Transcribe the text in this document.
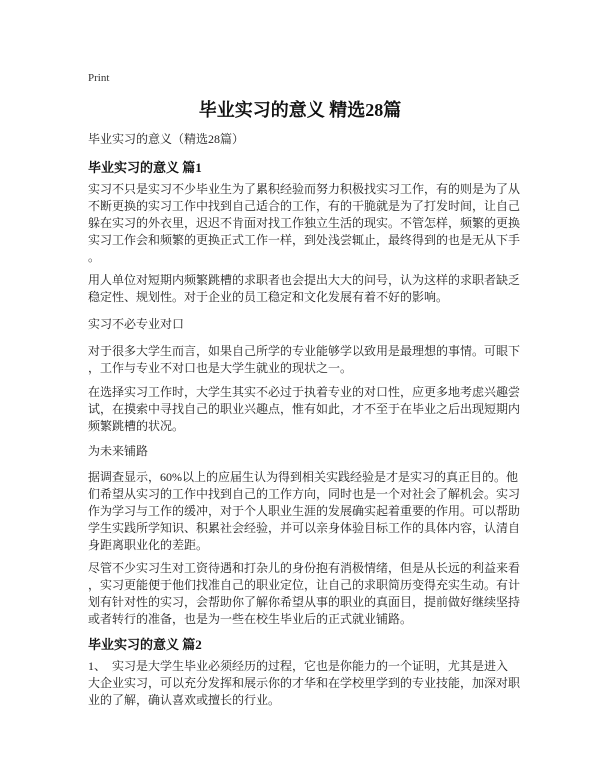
Print
毕业实习的意义 精选28篇
毕业实习的意义（精选28篇）
毕业实习的意义 篇1
实习不只是实习不少毕业生为了累积经验而努力积极找实习工作，有的则是为了从
不断更换的实习工作中找到自己适合的工作，有的干脆就是为了打发时间，让自己
躲在实习的外衣里，迟迟不肯面对找工作独立生活的现实。不管怎样，频繁的更换
实习工作会和频繁的更换正式工作一样，到处浅尝辄止，最终得到的也是无从下手
。
用人单位对短期内频繁跳槽的求职者也会提出大大的问号，认为这样的求职者缺乏
稳定性、规划性。对于企业的员工稳定和文化发展有着不好的影响。
实习不必专业对口
对于很多大学生而言，如果自己所学的专业能够学以致用是最理想的事情。可眼下
，工作与专业不对口也是大学生就业的现状之一。
在选择实习工作时，大学生其实不必过于执着专业的对口性，应更多地考虑兴趣尝
试，在摸索中寻找自己的职业兴趣点，惟有如此，才不至于在毕业之后出现短期内
频繁跳槽的状况。
为未来铺路
据调查显示，60%以上的应届生认为得到相关实践经验是才是实习的真正目的。他
们希望从实习的工作中找到自己的工作方向，同时也是一个对社会了解机会。实习
作为学习与工作的缓冲，对于个人职业生涯的发展确实起着重要的作用。可以帮助
学生实践所学知识、积累社会经验，并可以亲身体验目标工作的具体内容，认清自
身距离职业化的差距。
尽管不少实习生对工资待遇和打杂儿的身份抱有消极情绪，但是从长远的利益来看
，实习更能便于他们找准自己的职业定位，让自己的求职简历变得充实生动。有计
划有针对性的实习，会帮助你了解你希望从事的职业的真面目，提前做好继续坚持
或者转行的准备，也是为一些在校生毕业后的正式就业铺路。
毕业实习的意义 篇2
1、　实习是大学生毕业必须经历的过程，它也是你能力的一个证明，尤其是进入
大企业实习，可以充分发挥和展示你的才华和在学校里学到的专业技能，加深对职
业的了解，确认喜欢或擅长的行业。
